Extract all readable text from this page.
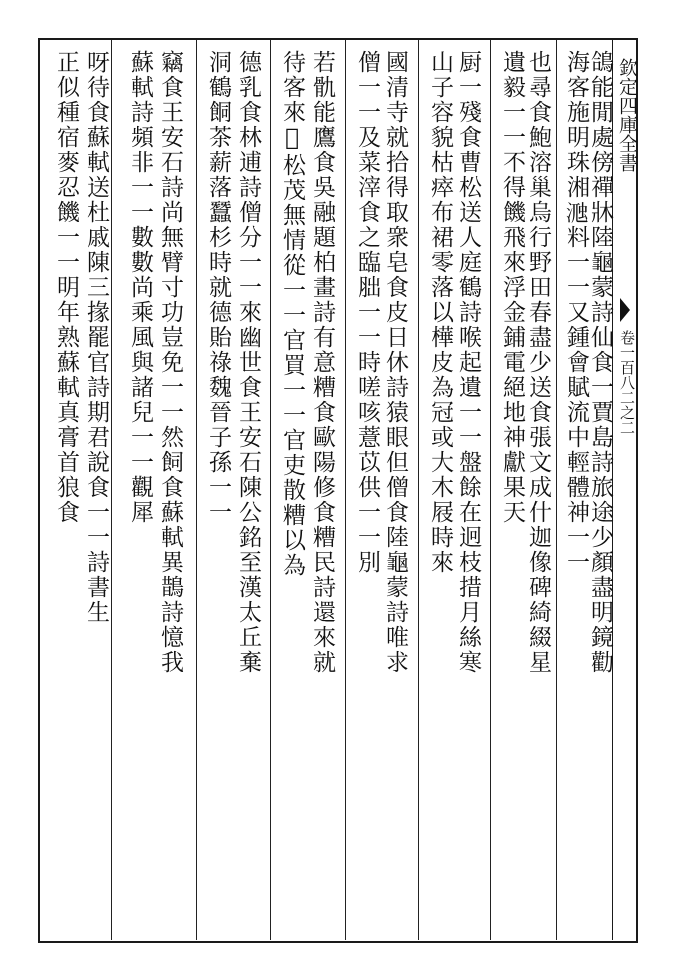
欽定四庫全書
卷一百八二之二
鴿能閒處傍禪牀陸龜蒙詩仙食一賈島詩旅途少顏盡明鏡勸
海客施明珠湘𣸀料一一又鍾會賦流中輕體神一一
也尋食鮑溶巢烏行野田春盡少送食張文成什迦像碑綺綴星
遺毅一一不得饑飛來浮金鋪電絕地神獻果天
厨一殘食曹松送人庭鶴詩喉起遺一一盤餘在迥枝措月絲寒
山子容貌枯瘁布裙零落以樺皮為冠或大木屐時來
國清寺就拾得取衆皂食皮日休詩猿眼但僧食陸龜蒙詩唯求
僧一一及菜滓食之臨胐一一時嗟咳薏苡供一一別
若骩能鷹食吳融題柏畫詩有意糟食歐陽修食糟民詩還來就
待客來𩐈松茂無情從一一官買一一官吏散糟以為
德乳食林逋詩僧分一一來幽世食王安石陳公銘至漢太丘棄
洞鶴餇茶薪落蠶杉時就德貽祿魏晉子孫一一
竊食王安石詩尚無臂寸功豈免一一然飼食蘇軾異鵲詩憶我
蘇軾詩頻非一一數數尚乘風與諸兒一一觀犀
呀待食蘇軾送杜戚陳三掾罷官詩期君說食一一詩書生
正似種宿麥忍饑一一明年熟蘇軾真膏首狼食
